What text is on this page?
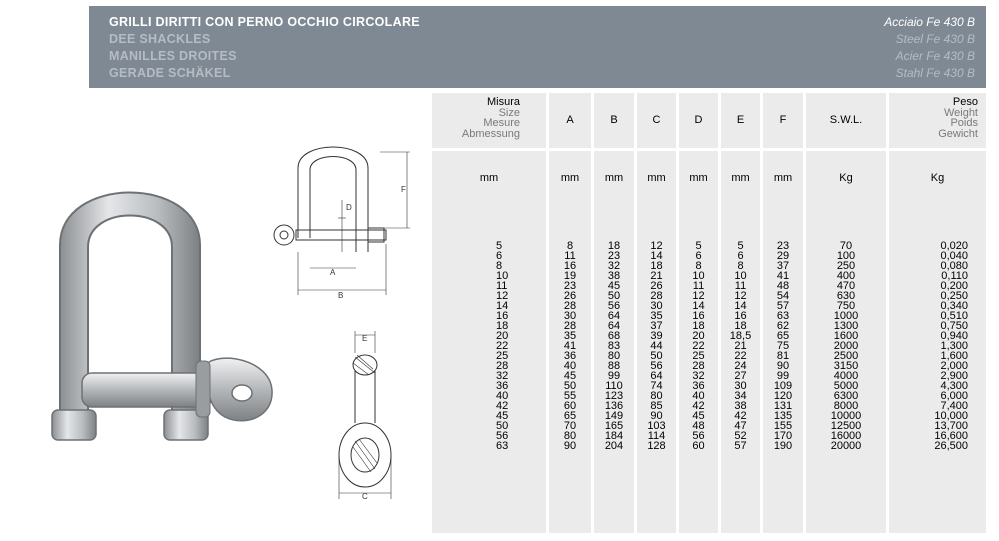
GRILLI DIRITTI CON PERNO OCCHIO CIRCOLARE
DEE SHACKLES
MANILLES DROITES
GERADE SCHÄKEL
Acciaio Fe 430 B
Steel Fe 430 B
Acier Fe 430 B
Stahl Fe 430 B
D
F
A
B
E
C
Misura
Size
Mesure
Abmessung
mm

5
6
8
10
11
12
14
16
18
20
22
25
28
32
36
40
42
45
50
56
63

A
mm

8
11
16
19
23
26
28
30
28
35
41
36
40
45
50
55
60
65
70
80
90

B
mm

18
23
32
38
45
50
56
64
64
68
83
80
88
99
110
123
136
149
165
184
204

C
mm

12
14
18
21
26
28
30
35
37
39
44
50
56
64
74
80
85
90
103
114
128

D
mm

5
6
8
10
11
12
14
16
18
20
22
25
28
32
36
40
42
45
48
56
60

E
mm

5
6
8
10
11
12
14
16
18
18,5
21
22
24
27
30
34
38
42
47
52
57

F
mm

23
29
37
41
48
54
57
63
62
65
75
81
90
99
109
120
131
135
155
170
190

S.W.L.
Kg

70
100
250
400
470
630
750
1000
1300
1600
2000
2500
3150
4000
5000
6300
8000
10000
12500
16000
20000

Peso
Weight
Poids
Gewicht
Kg

0,020
0,040
0,080
0,110
0,200
0,250
0,340
0,510
0,750
0,940
1,300
1,600
2,000
2,900
4,300
6,000
7,400
10,000
13,700
16,600
26,500
